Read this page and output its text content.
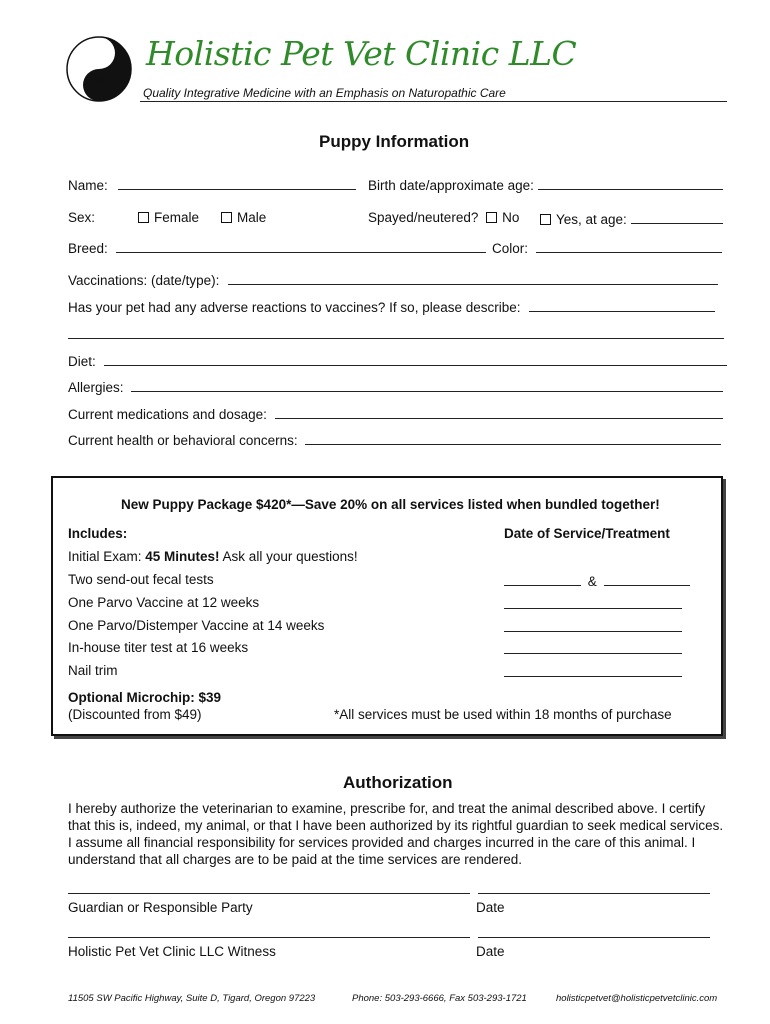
Holistic Pet Vet Clinic LLC
Quality Integrative Medicine with an Emphasis on Naturopathic Care
Puppy Information
Name:	Birth date/approximate age:
Sex:	Female	Male	Spayed/neutered? No	Yes, at age:
Breed:	Color:
Vaccinations: (date/type):
Has your pet had any adverse reactions to vaccines? If so, please describe:
Diet:
Allergies:
Current medications and dosage:
Current health or behavioral concerns:
New Puppy Package $420*—Save 20% on all services listed when bundled together!
Includes:	Date of Service/Treatment
Initial Exam: 45 Minutes! Ask all your questions!
Two send-out fecal tests	&
One Parvo Vaccine at 12 weeks
One Parvo/Distemper Vaccine at 14 weeks
In-house titer test at 16 weeks
Nail trim
Optional Microchip: $39
(Discounted from $49)	*All services must be used within 18 months of purchase
Authorization
I hereby authorize the veterinarian to examine, prescribe for, and treat the animal described above. I certify that this is, indeed, my animal, or that I have been authorized by its rightful guardian to seek medical services. I assume all financial responsibility for services provided and charges incurred in the care of this animal. I understand that all charges are to be paid at the time services are rendered.
Guardian or Responsible Party	Date
Holistic Pet Vet Clinic LLC Witness	Date
11505 SW Pacific Highway, Suite D, Tigard, Oregon 97223	Phone: 503-293-6666, Fax 503-293-1721	holisticpetvet@holisticpetvetclinic.com
